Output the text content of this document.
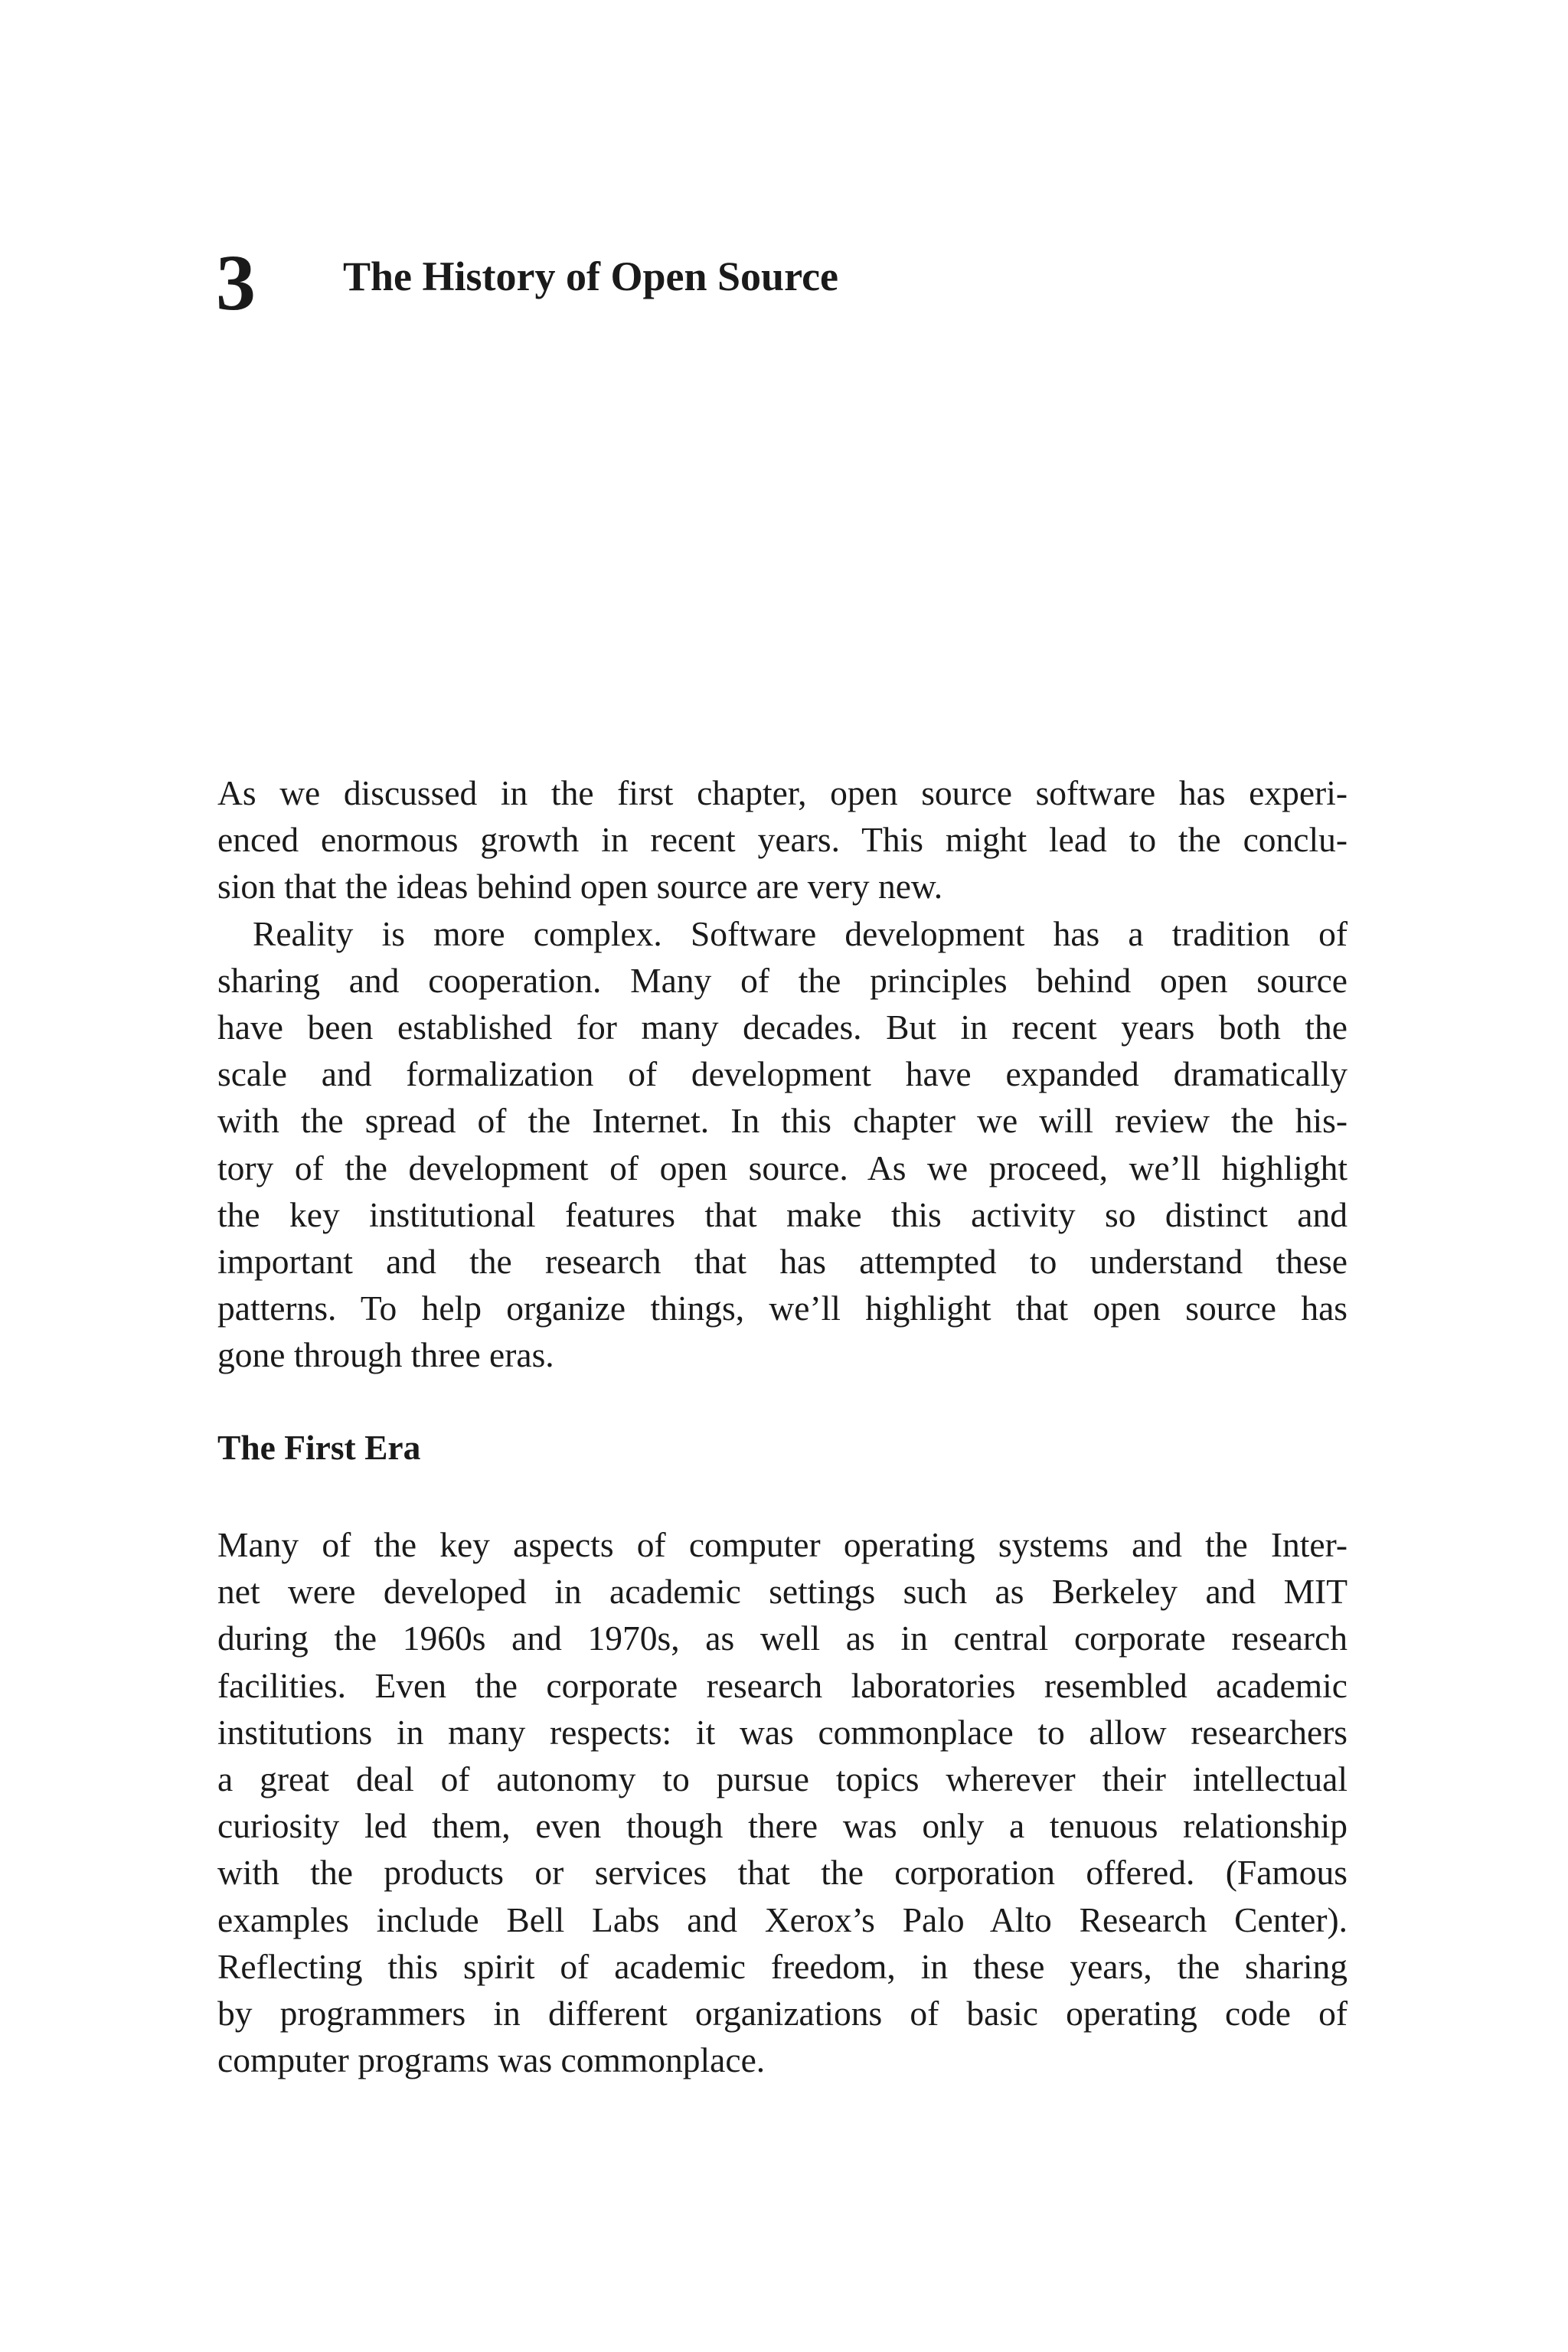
3 The History of Open Source
As we discussed in the first chapter, open source software has experi-
enced enormous growth in recent years. This might lead to the conclu-
sion that the ideas behind open source are very new.
Reality is more complex. Software development has a tradition of
sharing and cooperation. Many of the principles behind open source
have been established for many decades. But in recent years both the
scale and formalization of development have expanded dramatically
with the spread of the Internet. In this chapter we will review the his-
tory of the development of open source. As we proceed, we’ll highlight
the key institutional features that make this activity so distinct and
important and the research that has attempted to understand these
patterns. To help organize things, we’ll highlight that open source has
gone through three eras.
The First Era
Many of the key aspects of computer operating systems and the Inter-
net were developed in academic settings such as Berkeley and MIT
during the 1960s and 1970s, as well as in central corporate research
facilities. Even the corporate research laboratories resembled academic
institutions in many respects: it was commonplace to allow researchers
a great deal of autonomy to pursue topics wherever their intellectual
curiosity led them, even though there was only a tenuous relationship
with the products or services that the corporation offered. (Famous
examples include Bell Labs and Xerox’s Palo Alto Research Center).
Reflecting this spirit of academic freedom, in these years, the sharing
by programmers in different organizations of basic operating code of
computer programs was commonplace.
